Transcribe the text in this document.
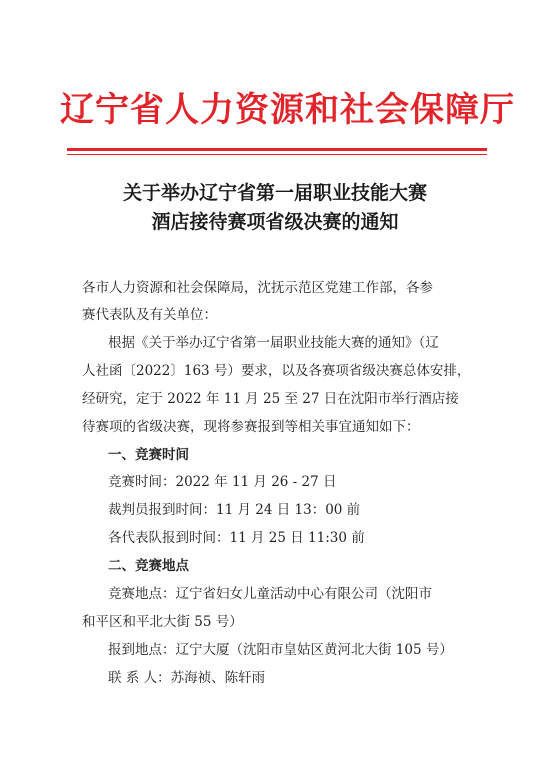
辽宁省人力资源和社会保障厅
关于举办辽宁省第一届职业技能大赛
酒店接待赛项省级决赛的通知
各市人力资源和社会保障局，沈抚示范区党建工作部，各参
赛代表队及有关单位：
根据《关于举办辽宁省第一届职业技能大赛的通知》（辽
人社函〔2022〕163 号）要求，以及各赛项省级决赛总体安排，
经研究，定于 2022 年 11 月 25 至 27 日在沈阳市举行酒店接
待赛项的省级决赛，现将参赛报到等相关事宜通知如下：
一、竞赛时间
竞赛时间：2022 年 11 月 26 - 27 日
裁判员报到时间：11 月 24 日 13：00 前
各代表队报到时间：11 月 25 日 11:30 前
二、竞赛地点
竞赛地点：辽宁省妇女儿童活动中心有限公司（沈阳市
和平区和平北大街 55 号）
报到地点：辽宁大厦（沈阳市皇姑区黄河北大街 105 号）
联 系 人：苏海祯、陈轩雨
